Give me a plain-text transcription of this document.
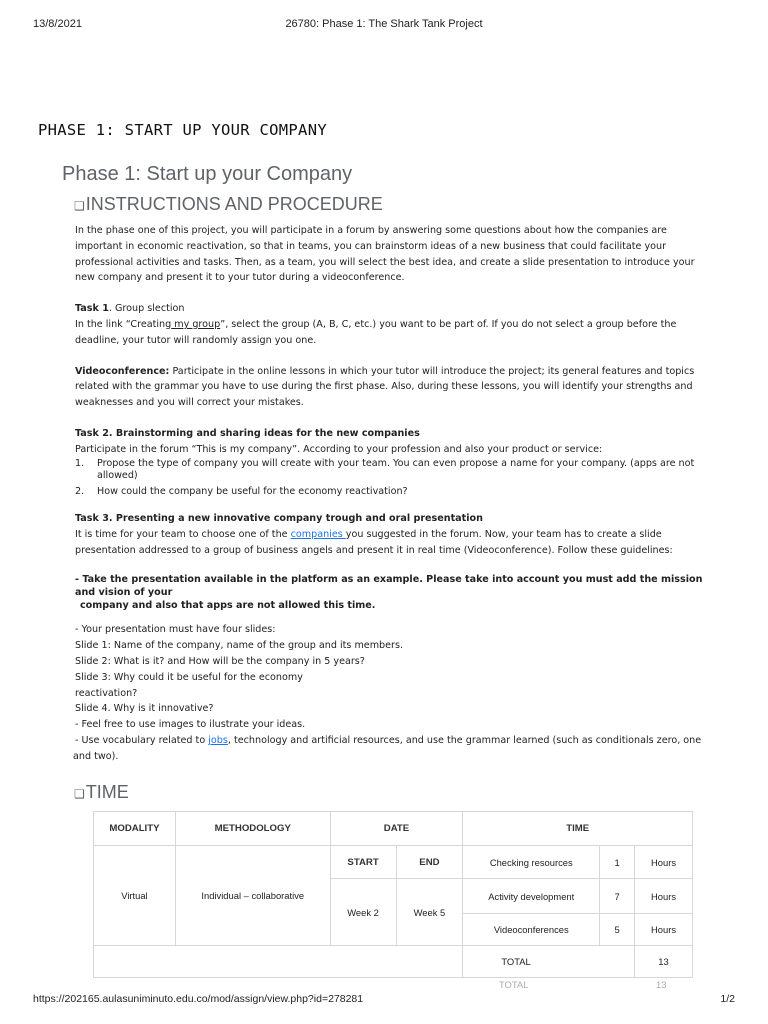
13/8/2021	26780: Phase 1: The Shark Tank Project
PHASE 1: START UP YOUR COMPANY
Phase 1: Start up your Company
❑INSTRUCTIONS AND PROCEDURE

In the phase one of this project, you will participate in a forum by answering some questions about how the companies are important in economic reactivation, so that in teams, you can brainstorm ideas of a new business that could facilitate your professional activities and tasks. Then, as a team, you will select the best idea, and create a slide presentation to introduce your new company and present it to your tutor during a videoconference.

Task 1. Group slection

In the link “Creating my group”, select the group (A, B, C, etc.) you want to be part of. If you do not select a group before the deadline, your tutor will randomly assign you one.

Videoconference: Participate in the online lessons in which your tutor will introduce the project; its general features and topics related with the grammar you have to use during the first phase. Also, during these lessons, you will identify your strengths and weaknesses and you will correct your mistakes.

Task 2. Brainstorming and sharing ideas for the new companies

Participate in the forum “This is my company”. According to your profession and also your product or service:

1. Propose the type of company you will create with your team. You can even propose a name for your company. (apps are not allowed)
2. How could the company be useful for the economy reactivation?

Task 3. Presenting a new innovative company trough and oral presentation

It is time for your team to choose one of the companies you suggested in the forum. Now, your team has to create a slide presentation addressed to a group of business angels and present it in real time (Videoconference). Follow these guidelines:

- Take the presentation available in the platform as an example. Please take into account you must add the mission and vision of your

company and also that apps are not allowed this time.

- Your presentation must have four slides:

Slide 1: Name of the company, name of the group and its members.

Slide 2: What is it? and How will be the company in 5 years?

Slide 3: Why could it be useful for the economy

reactivation?

Slide 4. Why is it innovative?

- Feel free to use images to ilustrate your ideas.

- Use vocabulary related to jobs, technology and artificial resources, and use the grammar learned (such as conditionals zero, one

and two).

❑TIME
MODALITY	METHODOLOGY	DATE		TIME		
Virtual	Individual – collaborative	START	END	Checking resources	1	Hours
		Week 2	Week 5	Activity development	7	Hours
				Videoconferences	5	Hours
				TOTAL		13
TOTAL	13
https://202165.aulasuniminuto.edu.co/mod/assign/view.php?id=278281	1/2
